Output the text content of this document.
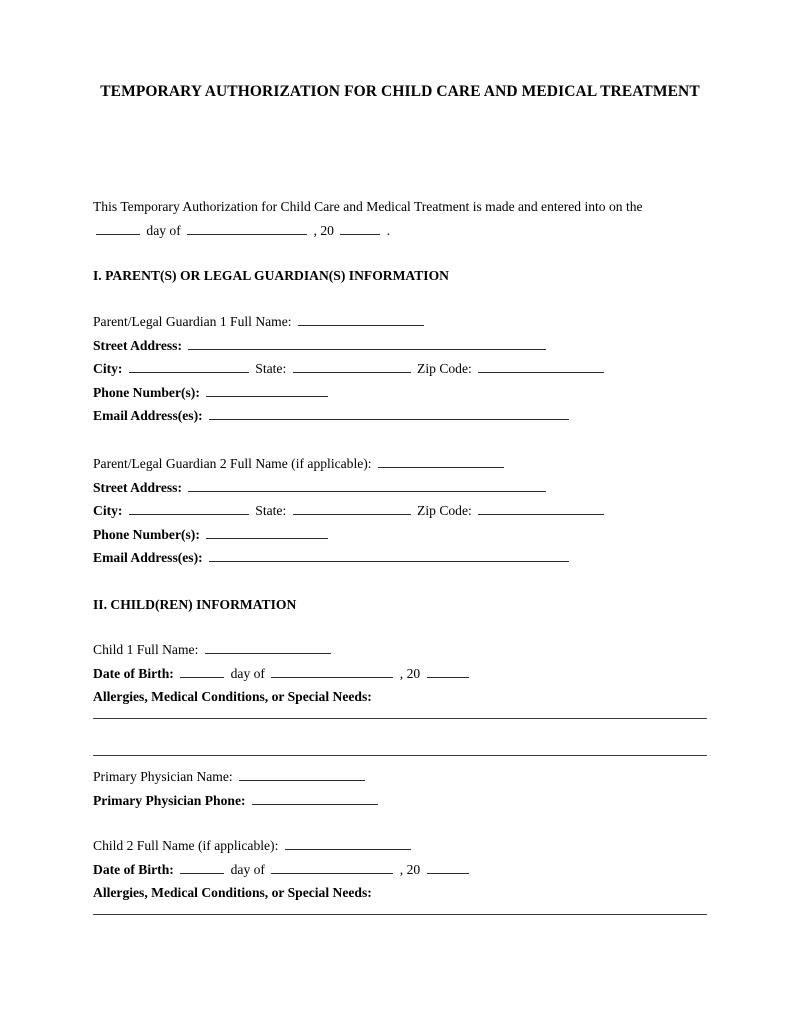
TEMPORARY AUTHORIZATION FOR CHILD CARE AND MEDICAL TREATMENT
This Temporary Authorization for Child Care and Medical Treatment is made and entered into on the
day of	, 20	.
I. PARENT(S) OR LEGAL GUARDIAN(S) INFORMATION
Parent/Legal Guardian 1 Full Name:
Street Address:
City:	State:	Zip Code:
Phone Number(s):
Email Address(es):
Parent/Legal Guardian 2 Full Name (if applicable):
Street Address:
City:	State:	Zip Code:
Phone Number(s):
Email Address(es):
II. CHILD(REN) INFORMATION
Child 1 Full Name:
Date of Birth:	day of	, 20
Allergies, Medical Conditions, or Special Needs:
Primary Physician Name:
Primary Physician Phone:
Child 2 Full Name (if applicable):
Date of Birth:	day of	, 20
Allergies, Medical Conditions, or Special Needs:
